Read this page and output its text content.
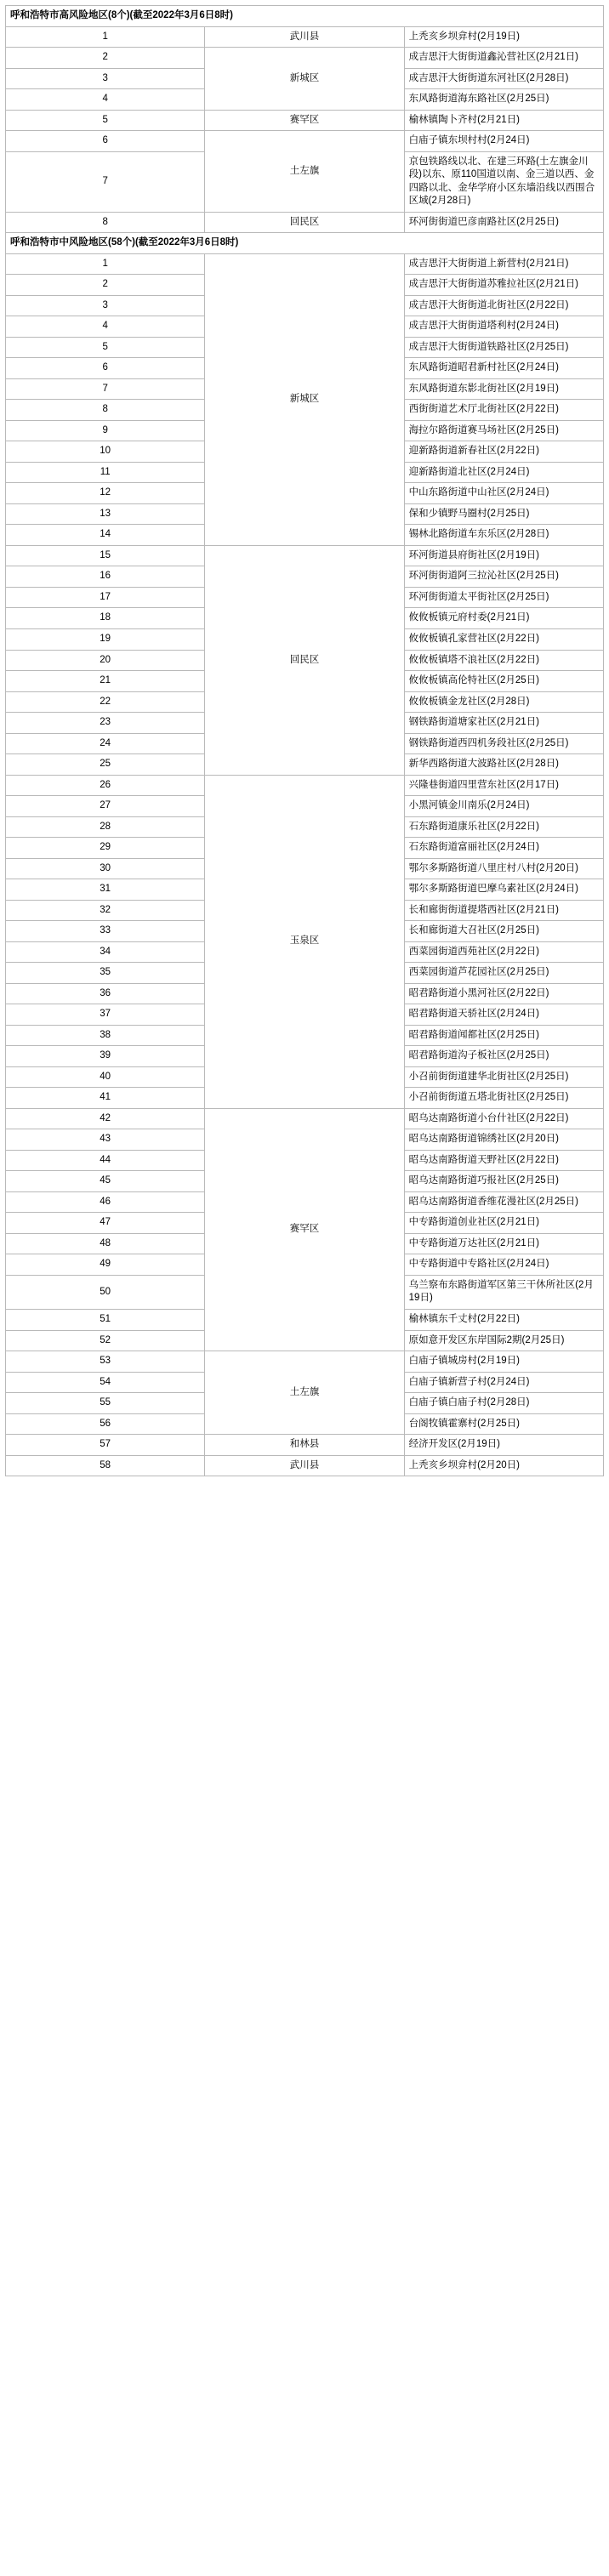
呼和浩特市高风险地区(8个)(截至2022年3月6日8时)		
1	武川县	上秃亥乡坝弇村(2月19日)
2	新城区	成吉思汗大街街道鑫沁营社区(2月21日)
3		成吉思汗大街街道东河社区(2月28日)
4		东风路街道海东路社区(2月25日)
5	赛罕区	榆林镇陶卜齐村(2月21日)
6	土左旗	白庙子镇东坝村村(2月24日)
7		京包铁路线以北、在建三环路(土左旗金川段)以东、原110国道以南、金三道以西、金四路以北、金华学府小区东墙沿线以西围合区域(2月28日)
8	回民区	环河街街道巴彦南路社区(2月25日)
呼和浩特市中风险地区(58个)(截至2022年3月6日8时)		
1	新城区	成吉思汗大街街道上新营村(2月21日)
2		成吉思汗大街街道苏雅拉社区(2月21日)
3		成吉思汗大街街道北街社区(2月22日)
4		成吉思汗大街街道塔利村(2月24日)
5		成吉思汗大街街道铁路社区(2月25日)
6		东风路街道昭君新村社区(2月24日)
7		东风路街道东影北街社区(2月19日)
8		西街街道艺术厅北街社区(2月22日)
9		海拉尔路街道赛马场社区(2月25日)
10		迎新路街道新春社区(2月22日)
11		迎新路街道北社区(2月24日)
12		中山东路街道中山社区(2月24日)
13		保和少镇野马圈村(2月25日)
14		锡林北路街道车东乐区(2月28日)
15	回民区	环河街道县府街社区(2月19日)
16		环河街街道阿三拉沁社区(2月25日)
17		环河街街道太平街社区(2月25日)
18		攸攸板镇元府村委(2月21日)
19		攸攸板镇孔家营社区(2月22日)
20		攸攸板镇塔不浪社区(2月22日)
21		攸攸板镇高伦特社区(2月25日)
22		攸攸板镇金龙社区(2月28日)
23		钢铁路街道塘家社区(2月21日)
24		钢铁路街道西四机务段社区(2月25日)
25		新华西路街道大波路社区(2月28日)
26	玉泉区	兴隆巷街道四里营东社区(2月17日)
27		小黑河镇金川南乐(2月24日)
28		石东路街道康乐社区(2月22日)
29		石东路街道富丽社区(2月24日)
30		鄂尔多斯路街道八里庄村八村(2月20日)
31		鄂尔多斯路街道巴摩乌素社区(2月24日)
32		长和廊街街道提塔西社区(2月21日)
33		长和廊街道大召社区(2月25日)
34		西菜园街道西苑社区(2月22日)
35		西菜园街道芦花园社区(2月25日)
36		昭君路街道小黑河社区(2月22日)
37		昭君路街道天骄社区(2月24日)
38		昭君路街道闻都社区(2月25日)
39		昭君路街道沟子板社区(2月25日)
40		小召前街街道建华北街社区(2月25日)
41		小召前街街道五塔北街社区(2月25日)
42	赛罕区	昭乌达南路街道小台什社区(2月22日)
43		昭乌达南路街道锦绣社区(2月20日)
44		昭乌达南路街道天野社区(2月22日)
45		昭乌达南路街道巧报社区(2月25日)
46		昭乌达南路街道香维花漫社区(2月25日)
47		中专路街道创业社区(2月21日)
48		中专路街道万达社区(2月21日)
49		中专路街道中专路社区(2月24日)
50		乌兰察布东路街道军区第三干休所社区(2月19日)
51		榆林镇东千丈村(2月22日)
52		原如意开发区东岸国际2期(2月25日)
53	土左旗	白庙子镇城房村(2月19日)
54		白庙子镇新营子村(2月24日)
55		白庙子镇白庙子村(2月28日)
56		台阁牧镇霍寨村(2月25日)
57	和林县	经济开发区(2月19日)
58	武川县	上秃亥乡坝弇村(2月20日)
